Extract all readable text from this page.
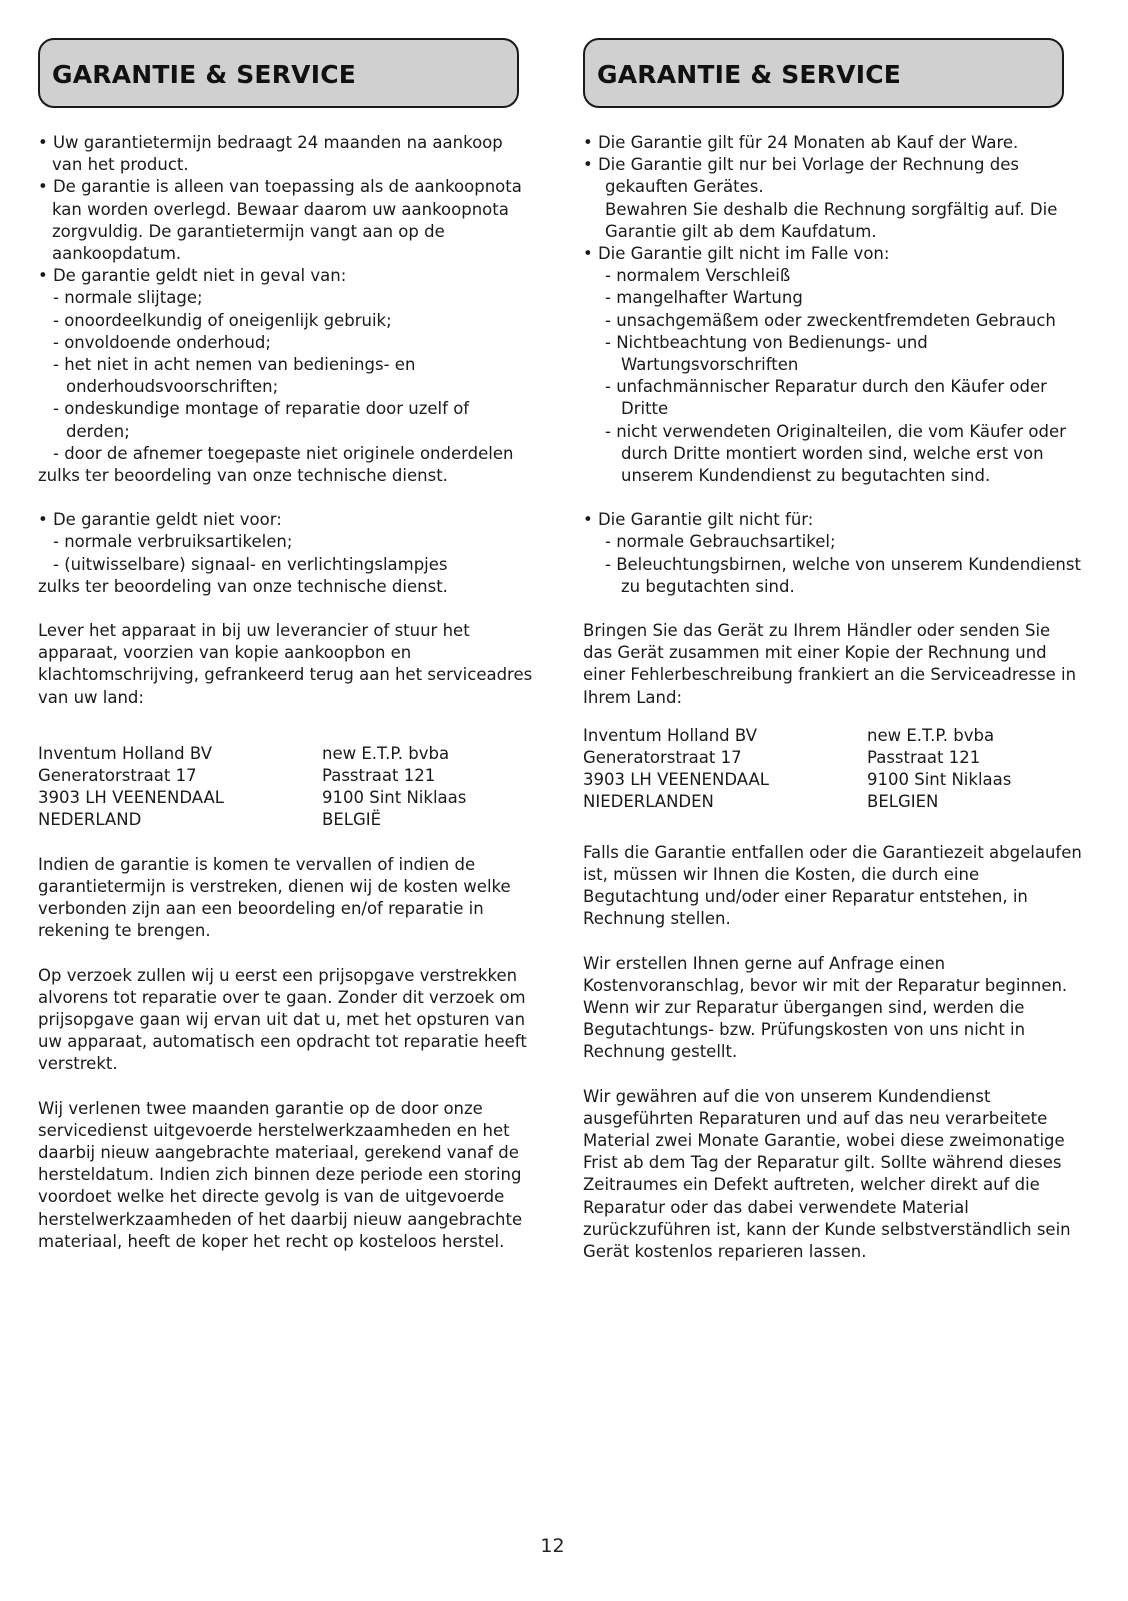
GARANTIE & SERVICE

• Uw garantietermijn bedraagt 24 maanden na aankoop van het product.

• De garantie is alleen van toepassing als de aankoopnota kan worden overlegd. Bewaar daarom uw aankoopnota zorgvuldig. De garantietermijn vangt aan op de aankoopdatum.

• De garantie geldt niet in geval van:

- normale slijtage;

- onoordeelkundig of oneigenlijk gebruik;

- onvoldoende onderhoud;

- het niet in acht nemen van bedienings- en onderhoudsvoorschriften;

- ondeskundige montage of reparatie door uzelf of derden;

- door de afnemer toegepaste niet originele onderdelen

zulks ter beoordeling van onze technische dienst.

• De garantie geldt niet voor:

- normale verbruiksartikelen;

- (uitwisselbare) signaal- en verlichtingslampjes

zulks ter beoordeling van onze technische dienst.

Lever het apparaat in bij uw leverancier of stuur het apparaat, voorzien van kopie aankoopbon en klachtomschrijving, gefrankeerd terug aan het serviceadres van uw land:

Inventum Holland BV
Generatorstraat 17
3903 LH VEENENDAAL
NEDERLAND
new E.T.P. bvba
Passtraat 121
9100 Sint Niklaas
BELGIË

Indien de garantie is komen te vervallen of indien de garantietermijn is verstreken, dienen wij de kosten welke verbonden zijn aan een beoordeling en/of reparatie in rekening te brengen.

Op verzoek zullen wij u eerst een prijsopgave verstrekken alvorens tot reparatie over te gaan. Zonder dit verzoek om prijsopgave gaan wij ervan uit dat u, met het opsturen van uw apparaat, automatisch een opdracht tot reparatie heeft verstrekt.

Wij verlenen twee maanden garantie op de door onze servicedienst uitgevoerde herstelwerkzaamheden en het daarbij nieuw aangebrachte materiaal, gerekend vanaf de hersteldatum. Indien zich binnen deze periode een storing voordoet welke het directe gevolg is van de uitgevoerde herstelwerkzaamheden of het daarbij nieuw aangebrachte materiaal, heeft de koper het recht op kosteloos herstel.

GARANTIE & SERVICE

• Die Garantie gilt für 24 Monaten ab Kauf der Ware.

• Die Garantie gilt nur bei Vorlage der Rechnung des gekauften Gerätes.

Bewahren Sie deshalb die Rechnung sorgfältig auf. Die Garantie gilt ab dem Kaufdatum.

• Die Garantie gilt nicht im Falle von:

- normalem Verschleiß

- mangelhafter Wartung

- unsachgemäßem oder zweckentfremdeten Gebrauch

- Nichtbeachtung von Bedienungs- und Wartungsvorschriften

- unfachmännischer Reparatur durch den Käufer oder Dritte

- nicht verwendeten Originalteilen, die vom Käufer oder durch Dritte montiert worden sind, welche erst von unserem Kundendienst zu begutachten sind.

• Die Garantie gilt nicht für:

- normale Gebrauchsartikel;

- Beleuchtungsbirnen, welche von unserem Kundendienst zu begutachten sind.

Bringen Sie das Gerät zu Ihrem Händler oder senden Sie das Gerät zusammen mit einer Kopie der Rechnung und einer Fehlerbeschreibung frankiert an die Serviceadresse in Ihrem Land:

Inventum Holland BV
Generatorstraat 17
3903 LH VEENENDAAL
NIEDERLANDEN
new E.T.P. bvba
Passtraat 121
9100 Sint Niklaas
BELGIEN

Falls die Garantie entfallen oder die Garantiezeit abgelaufen ist, müssen wir Ihnen die Kosten, die durch eine Begutachtung und/oder einer Reparatur entstehen, in Rechnung stellen.

Wir erstellen Ihnen gerne auf Anfrage einen Kostenvoranschlag, bevor wir mit der Reparatur beginnen. Wenn wir zur Reparatur übergangen sind, werden die Begutachtungs- bzw. Prüfungskosten von uns nicht in Rechnung gestellt.

Wir gewähren auf die von unserem Kundendienst ausgeführten Reparaturen und auf das neu verarbeitete Material zwei Monate Garantie, wobei diese zweimonatige Frist ab dem Tag der Reparatur gilt. Sollte während dieses Zeitraumes ein Defekt auftreten, welcher direkt auf die Reparatur oder das dabei verwendete Material zurückzuführen ist, kann der Kunde selbstverständlich sein Gerät kostenlos reparieren lassen.

12
